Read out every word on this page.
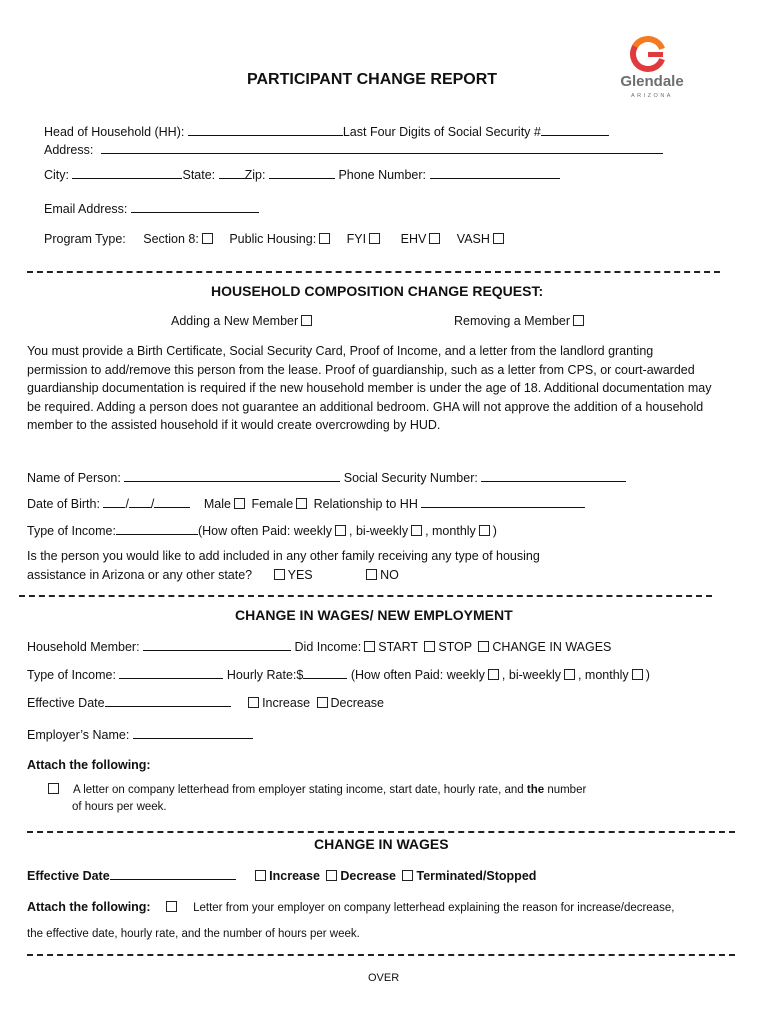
Glendale
ARIZONA
PARTICIPANT CHANGE REPORT
Head of Household (HH):	Last Four Digits of Social Security #
Address:
City:	State: Zip:	Phone Number:
Email Address:
Program Type: Section 8: Public Housing: FYI	EHV VASH
HOUSEHOLD COMPOSITION CHANGE REQUEST:
Adding a New Member	Removing a Member
You must provide a Birth Certificate, Social Security Card, Proof of Income, and a letter from the landlord granting permission to add/remove this person from the lease. Proof of guardianship, such as a letter from CPS, or court-awarded guardianship documentation is required if the new household member is under the age of 18. Additional documentation may be required. Adding a person does not guarantee an additional bedroom. GHA will not approve the addition of a household member to the assisted household if it would create overcrowding by HUD.
Name of Person:	Social Security Number:
Date of Birth: / /	Male Female Relationship to HH
Type of Income:	(How often Paid: weekly , bi-weekly , monthly )
Is the person you would like to add included in any other family receiving any type of housing
assistance in Arizona or any other state?	YES	NO
CHANGE IN WAGES/ NEW EMPLOYMENT
Household Member:	Did Income: START STOP CHANGE IN WAGES
Type of Income:	Hourly Rate:$	(How often Paid: weekly , bi-weekly , monthly )
Effective Date	Increase Decrease
Employer’s Name:
Attach the following:
A letter on company letterhead from employer stating income, start date, hourly rate, and the number
of hours per week.
CHANGE IN WAGES
Effective Date	Increase Decrease Terminated/Stopped
Attach the following:	Letter from your employer on company letterhead explaining the reason for increase/decrease,
the effective date, hourly rate, and the number of hours per week.
OVER
